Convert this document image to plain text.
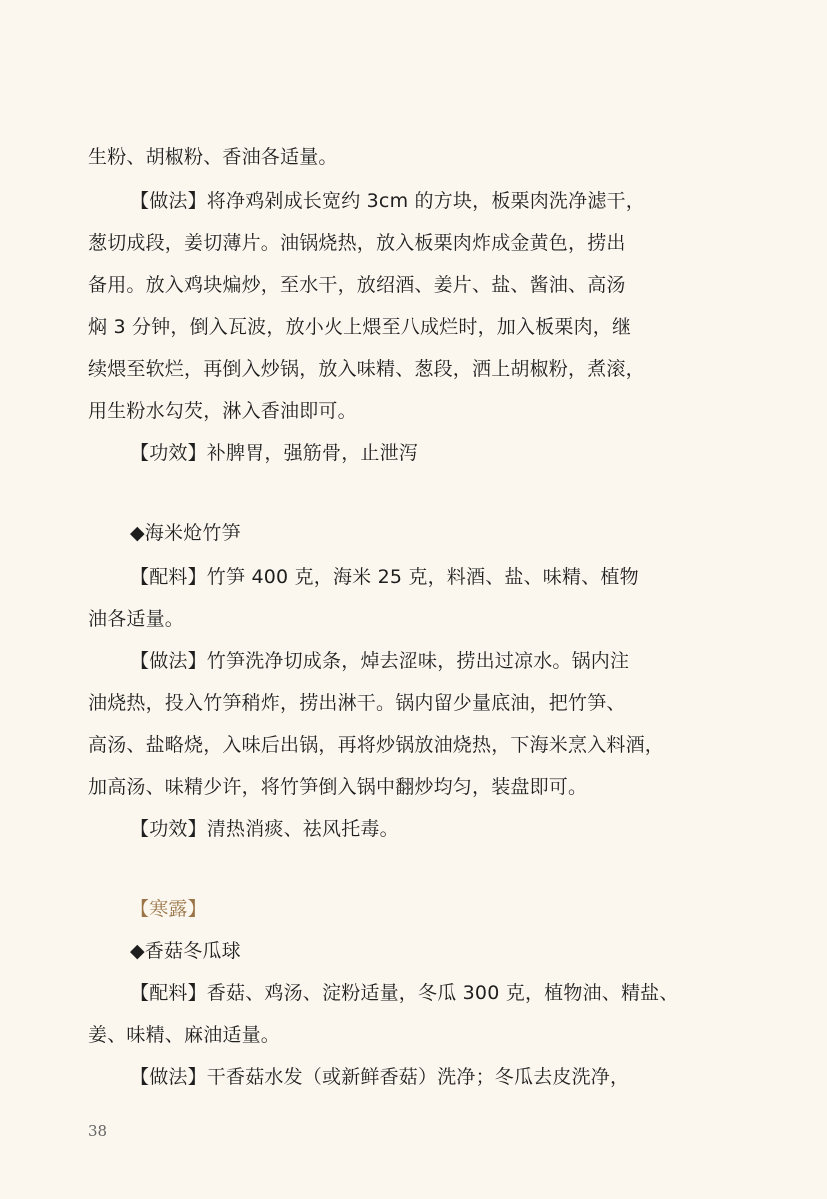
生粉、胡椒粉、香油各适量。
【做法】将净鸡剁成长宽约 3cm 的方块，板栗肉洗净滤干，
葱切成段，姜切薄片。油锅烧热，放入板栗肉炸成金黄色，捞出
备用。放入鸡块煸炒，至水干，放绍酒、姜片、盐、酱油、高汤
焖 3 分钟，倒入瓦波，放小火上煨至八成烂时，加入板栗肉，继
续煨至软烂，再倒入炒锅，放入味精、葱段，洒上胡椒粉，煮滚，
用生粉水勾芡，淋入香油即可。
【功效】补脾胃，强筋骨，止泄泻
◆海米炝竹笋
【配料】竹笋 400 克，海米 25 克，料酒、盐、味精、植物
油各适量。
【做法】竹笋洗净切成条，焯去涩味，捞出过凉水。锅内注
油烧热，投入竹笋稍炸，捞出淋干。锅内留少量底油，把竹笋、
高汤、盐略烧，入味后出锅，再将炒锅放油烧热，下海米烹入料酒，
加高汤、味精少许，将竹笋倒入锅中翻炒均匀，装盘即可。
【功效】清热消痰、祛风托毒。
【寒露】
◆香菇冬瓜球
【配料】香菇、鸡汤、淀粉适量，冬瓜 300 克，植物油、精盐、
姜、味精、麻油适量。
【做法】干香菇水发（或新鲜香菇）洗净；冬瓜去皮洗净，
38
